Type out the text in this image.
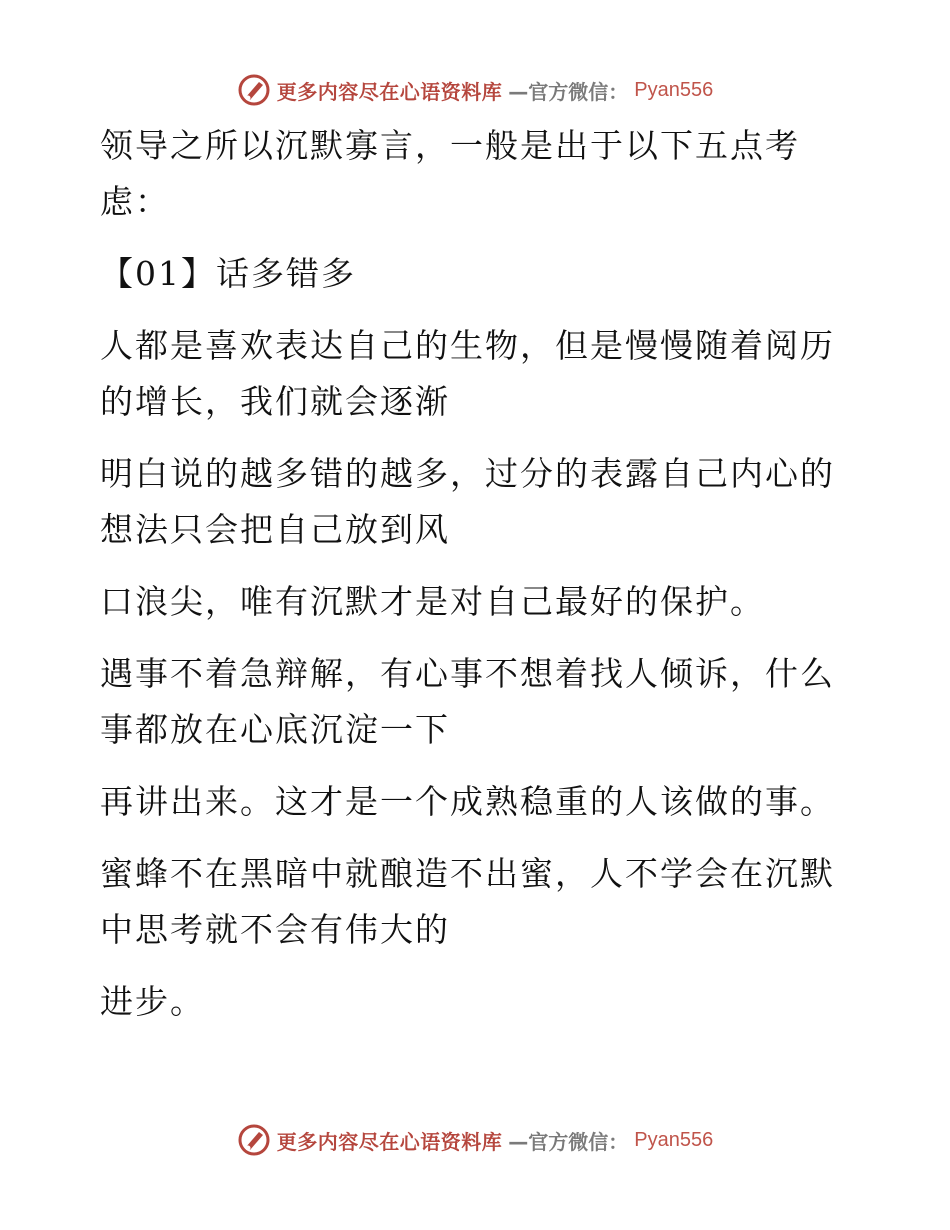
更多内容尽在心语资料库 —官方微信： Pyan556
领导之所以沉默寡言，一般是出于以下五点考
虑：
【01】话多错多
人都是喜欢表达自己的生物，但是慢慢随着阅历
的增长，我们就会逐渐
明白说的越多错的越多，过分的表露自己内心的
想法只会把自己放到风
口浪尖，唯有沉默才是对自己最好的保护。
遇事不着急辩解，有心事不想着找人倾诉，什么
事都放在心底沉淀一下
再讲出来。这才是一个成熟稳重的人该做的事。
蜜蜂不在黑暗中就酿造不出蜜，人不学会在沉默
中思考就不会有伟大的
进步。
更多内容尽在心语资料库 —官方微信： Pyan556
